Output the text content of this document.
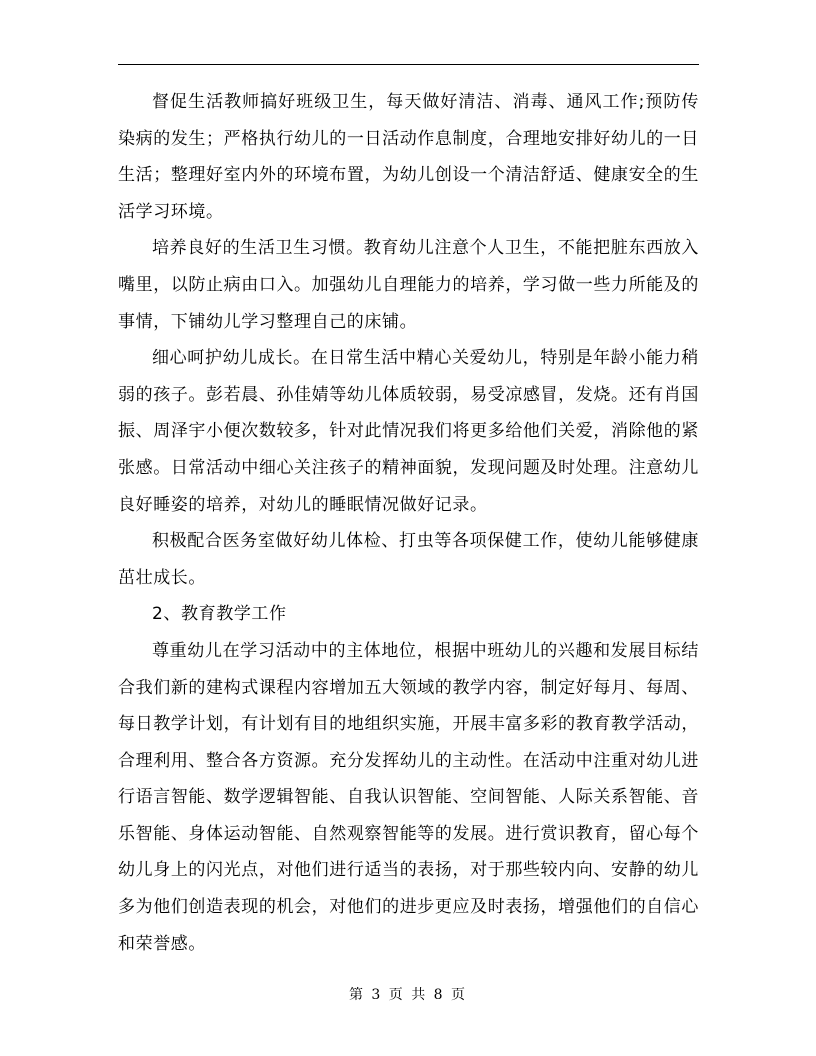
督促生活教师搞好班级卫生，每天做好清洁、消毒、通风工作;预防传染病的发生；严格执行幼儿的一日活动作息制度，合理地安排好幼儿的一日生活；整理好室内外的环境布置，为幼儿创设一个清洁舒适、健康安全的生活学习环境。

培养良好的生活卫生习惯。教育幼儿注意个人卫生，不能把脏东西放入嘴里，以防止病由口入。加强幼儿自理能力的培养，学习做一些力所能及的事情，下铺幼儿学习整理自己的床铺。

细心呵护幼儿成长。在日常生活中精心关爱幼儿，特别是年龄小能力稍弱的孩子。彭若晨、孙佳婧等幼儿体质较弱，易受凉感冒，发烧。还有肖国振、周泽宇小便次数较多，针对此情况我们将更多给他们关爱，消除他的紧张感。日常活动中细心关注孩子的精神面貌，发现问题及时处理。注意幼儿良好睡姿的培养，对幼儿的睡眠情况做好记录。

积极配合医务室做好幼儿体检、打虫等各项保健工作，使幼儿能够健康茁壮成长。

2、教育教学工作

尊重幼儿在学习活动中的主体地位，根据中班幼儿的兴趣和发展目标结合我们新的建构式课程内容增加五大领域的教学内容，制定好每月、每周、每日教学计划，有计划有目的地组织实施，开展丰富多彩的教育教学活动，合理利用、整合各方资源。充分发挥幼儿的主动性。在活动中注重对幼儿进行语言智能、数学逻辑智能、自我认识智能、空间智能、人际关系智能、音乐智能、身体运动智能、自然观察智能等的发展。进行赏识教育，留心每个幼儿身上的闪光点，对他们进行适当的表扬，对于那些较内向、安静的幼儿多为他们创造表现的机会，对他们的进步更应及时表扬，增强他们的自信心和荣誉感。

第 3 页 共 8 页
